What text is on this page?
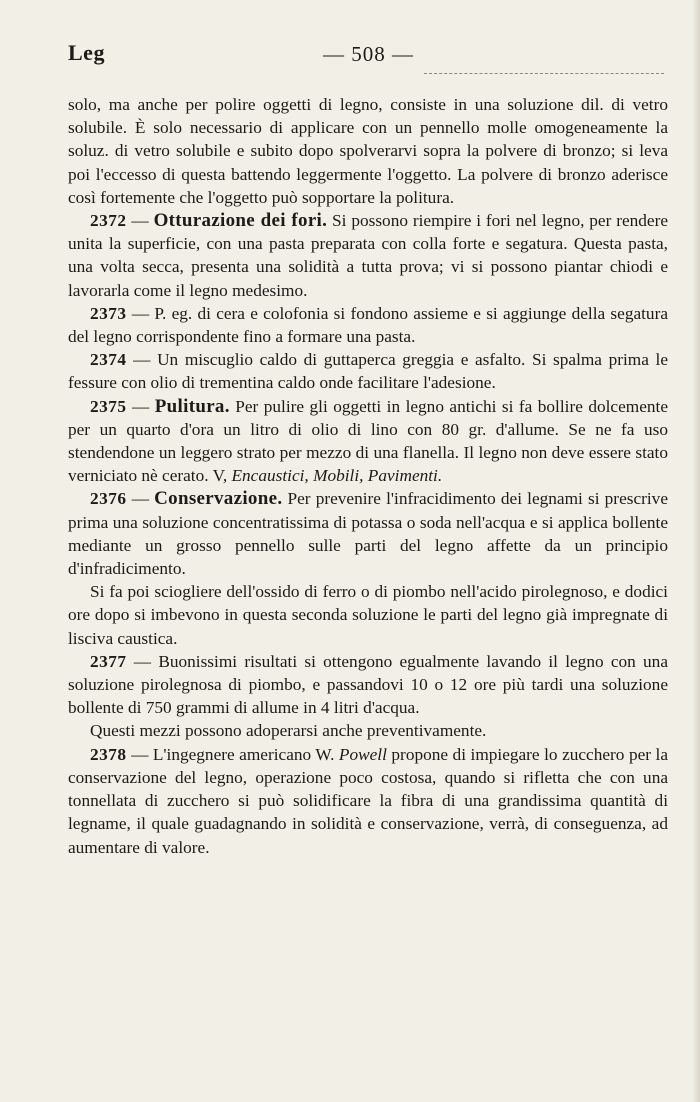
Leg	— 508 —

solo, ma anche per polire oggetti di legno, consiste in una soluzione dil. di vetro solubile. È solo necessario di applicare con un pennello molle omogeneamente la soluz. di vetro solubile e subito dopo spolverarvi sopra la polvere di bronzo; si leva poi l'eccesso di questa battendo leggermente l'oggetto. La polvere di bronzo aderisce così fortemente che l'oggetto può sopportare la politura.

2372 — Otturazione dei fori. Si possono riempire i fori nel legno, per rendere unita la superficie, con una pasta preparata con colla forte e segatura. Questa pasta, una volta secca, presenta una solidità a tutta prova; vi si possono piantar chiodi e lavorarla come il legno medesimo.

2373 — P. eg. di cera e colofonia si fondono assieme e si aggiunge della segatura del legno corrispondente fino a formare una pasta.

2374 — Un miscuglio caldo di guttaperca greggia e asfalto. Si spalma prima le fessure con olio di trementina caldo onde facilitare l'adesione.

2375 — Pulitura. Per pulire gli oggetti in legno antichi si fa bollire dolcemente per un quarto d'ora un litro di olio di lino con 80 gr. d'allume. Se ne fa uso stendendone un leggero strato per mezzo di una flanella. Il legno non deve essere stato verniciato nè cerato. V, Encaustici, Mobili, Pavimenti.

2376 — Conservazione. Per prevenire l'infracidimento dei legnami si prescrive prima una soluzione concentratissima di potassa o soda nell'acqua e si applica bollente mediante un grosso pennello sulle parti del legno affette da un principio d'infradicimento.

Si fa poi sciogliere dell'ossido di ferro o di piombo nell'acido pirolegnoso, e dodici ore dopo si imbevono in questa seconda soluzione le parti del legno già impregnate di lisciva caustica.

2377 — Buonissimi risultati si ottengono egualmente lavando il legno con una soluzione pirolegnosa di piombo, e passandovi 10 o 12 ore più tardi una soluzione bollente di 750 grammi di allume in 4 litri d'acqua.

Questi mezzi possono adoperarsi anche preventivamente.

2378 — L'ingegnere americano W. Powell propone di impiegare lo zucchero per la conservazione del legno, operazione poco costosa, quando si rifletta che con una tonnellata di zucchero si può solidificare la fibra di una grandissima quantità di legname, il quale guadagnando in solidità e conservazione, verrà, di conseguenza, ad aumentare di valore.
